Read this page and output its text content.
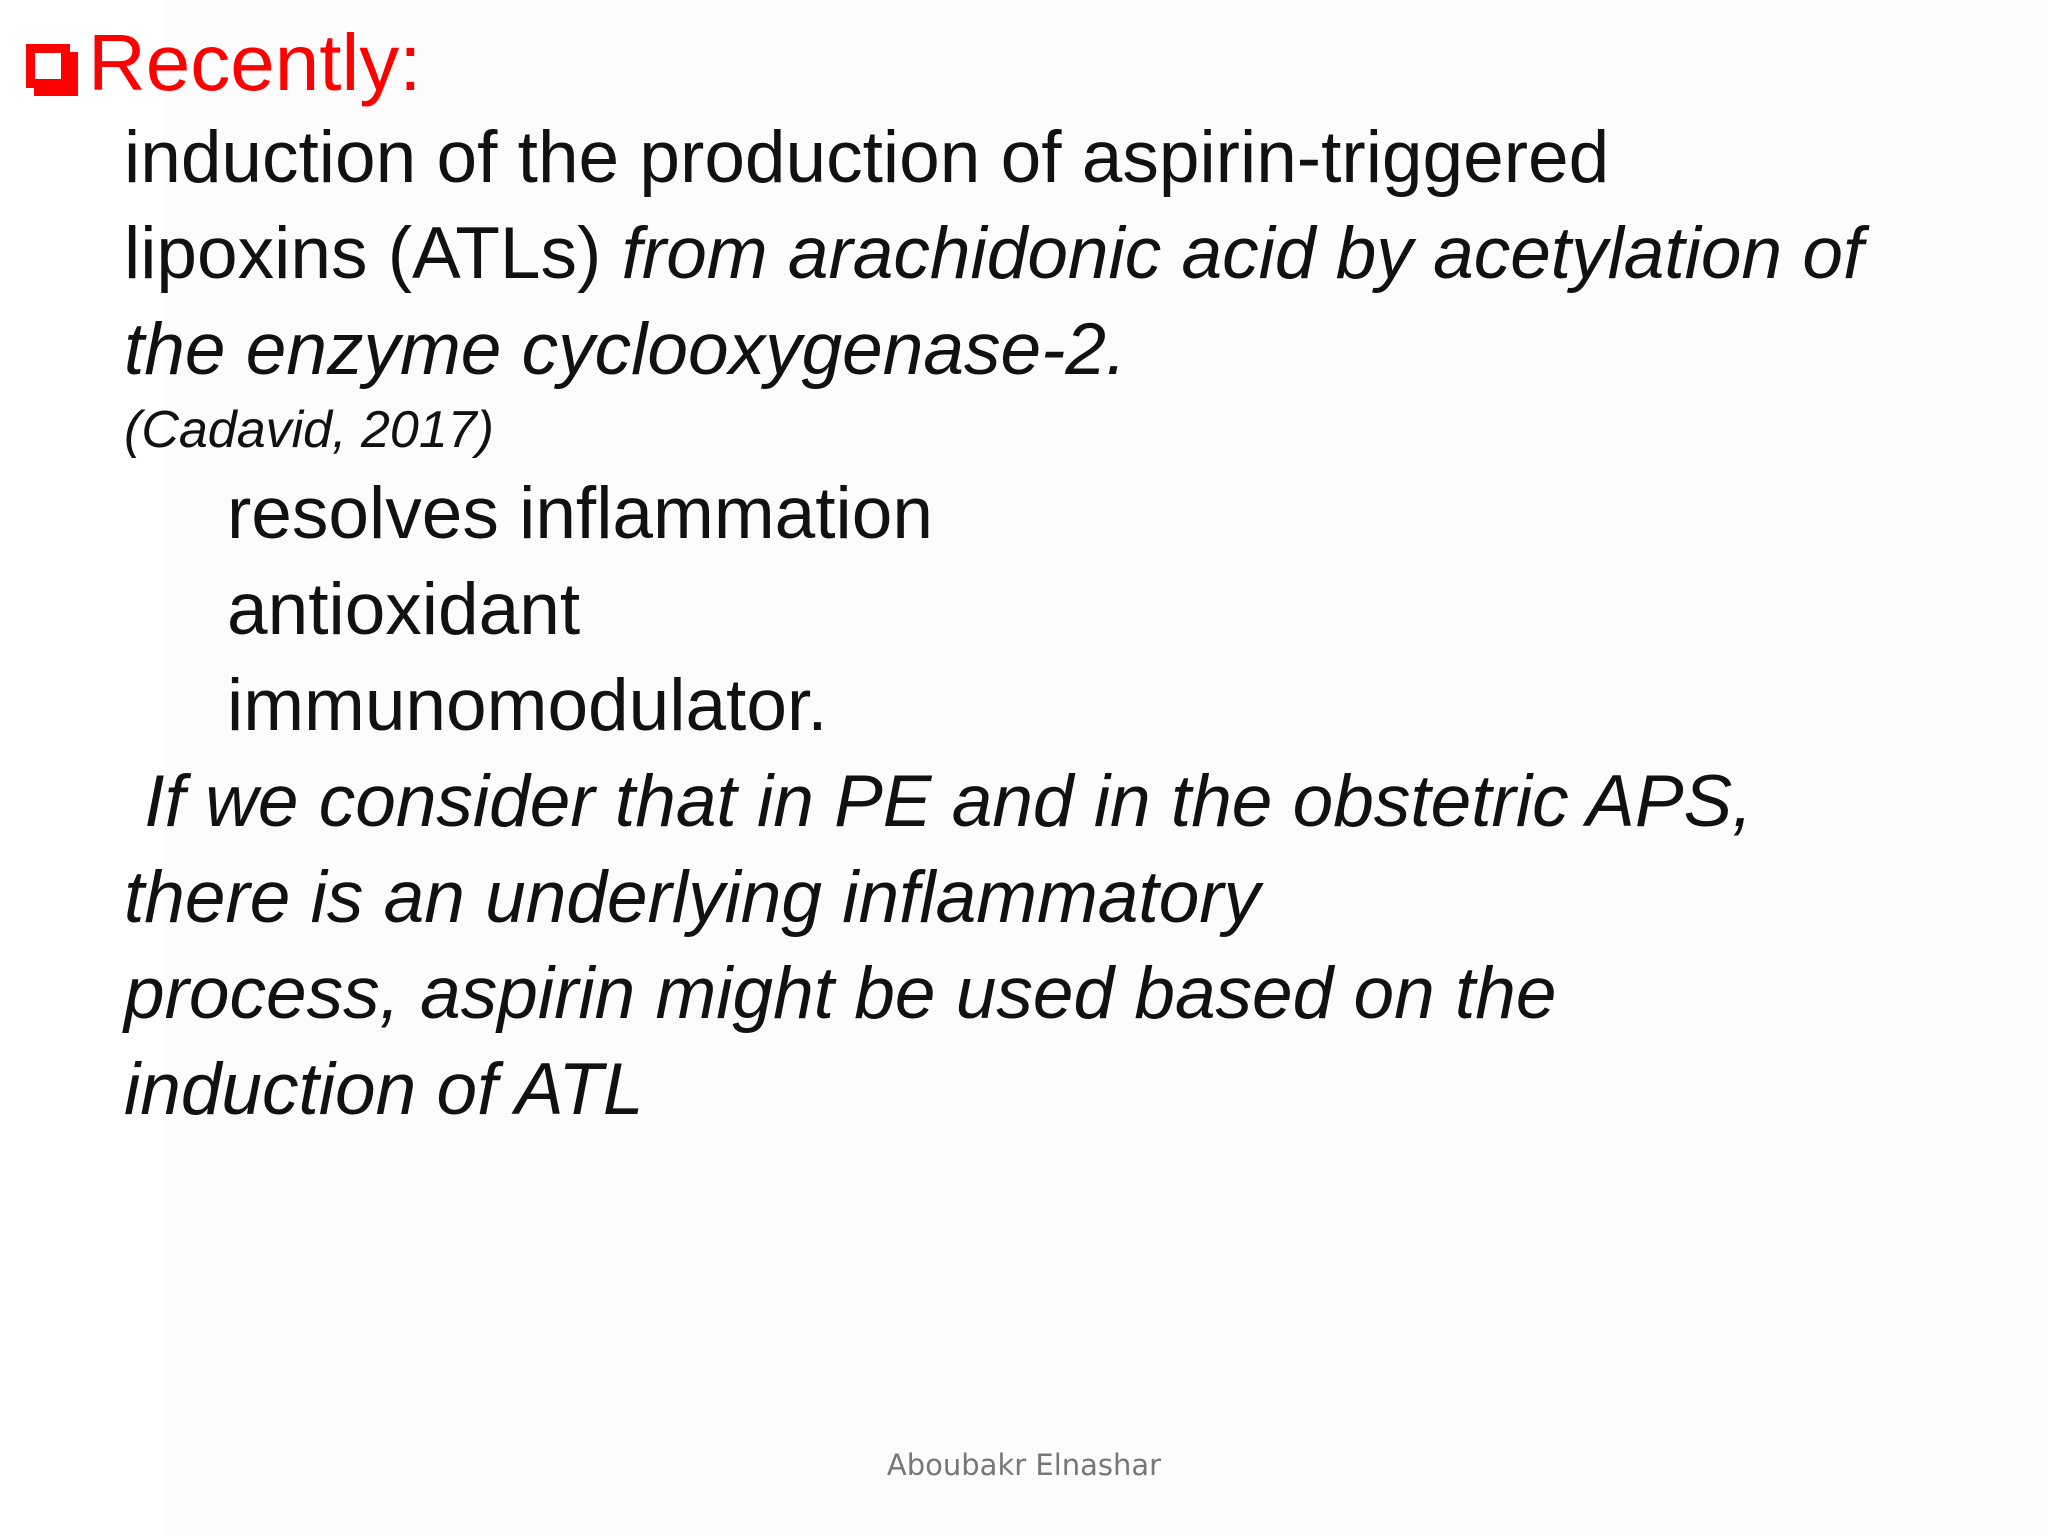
Recently:
induction of the production of aspirin-triggered
lipoxins (ATLs) from arachidonic acid by acetylation of
the enzyme cyclooxygenase-2.
(Cadavid, 2017)
resolves inflammation
antioxidant
immunomodulator.
If we consider that in PE and in the obstetric APS,
there is an underlying inflammatory
process, aspirin might be used based on the
induction of ATL
Aboubakr Elnashar
